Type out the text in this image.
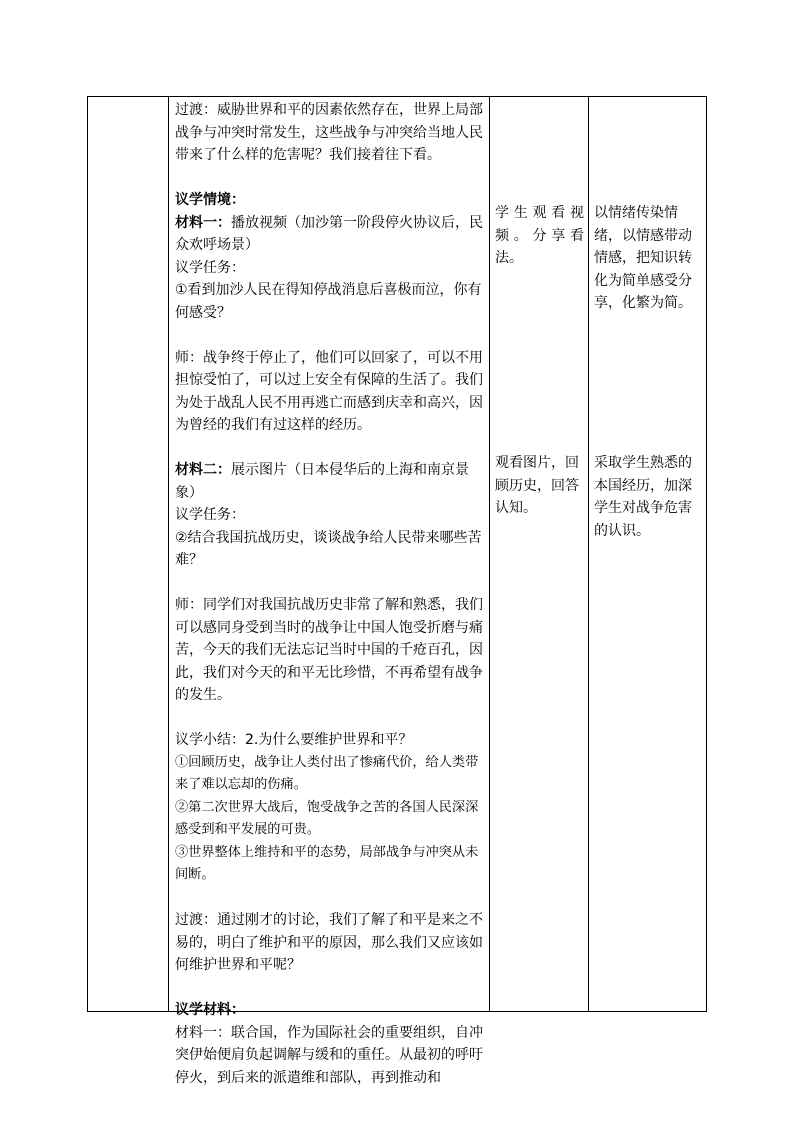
过渡：威胁世界和平的因素依然存在，世界上局部战争与冲突时常发生，这些战争与冲突给当地人民带来了什么样的危害呢？我们接着往下看。

议学情境：

材料一：播放视频（加沙第一阶段停火协议后，民众欢呼场景）

议学任务：

①看到加沙人民在得知停战消息后喜极而泣，你有何感受？

师：战争终于停止了，他们可以回家了，可以不用担惊受怕了，可以过上安全有保障的生活了。我们为处于战乱人民不用再逃亡而感到庆幸和高兴，因为曾经的我们有过这样的经历。

材料二：展示图片（日本侵华后的上海和南京景象）

议学任务：

②结合我国抗战历史，谈谈战争给人民带来哪些苦难？

师：同学们对我国抗战历史非常了解和熟悉，我们可以感同身受到当时的战争让中国人饱受折磨与痛苦，今天的我们无法忘记当时中国的千疮百孔，因此，我们对今天的和平无比珍惜，不再希望有战争的发生。

议学小结：2.为什么要维护世界和平？

①回顾历史，战争让人类付出了惨痛代价，给人类带来了难以忘却的伤痛。

②第二次世界大战后，饱受战争之苦的各国人民深深感受到和平发展的可贵。

③世界整体上维持和平的态势，局部战争与冲突从未间断。

过渡：通过刚才的讨论，我们了解了和平是来之不易的，明白了维护和平的原因，那么我们又应该如何维护世界和平呢？

议学材料：

材料一：联合国，作为国际社会的重要组织，自冲突伊始便肩负起调解与缓和的重任。从最初的呼吁停火，到后来的派遣维和部队，再到推动和

学生观看视频。分享看法。

观看图片，回顾历史，回答认知。

以情绪传染情绪，以情感带动情感，把知识转化为简单感受分享，化繁为简。

采取学生熟悉的本国经历，加深学生对战争危害的认识。
